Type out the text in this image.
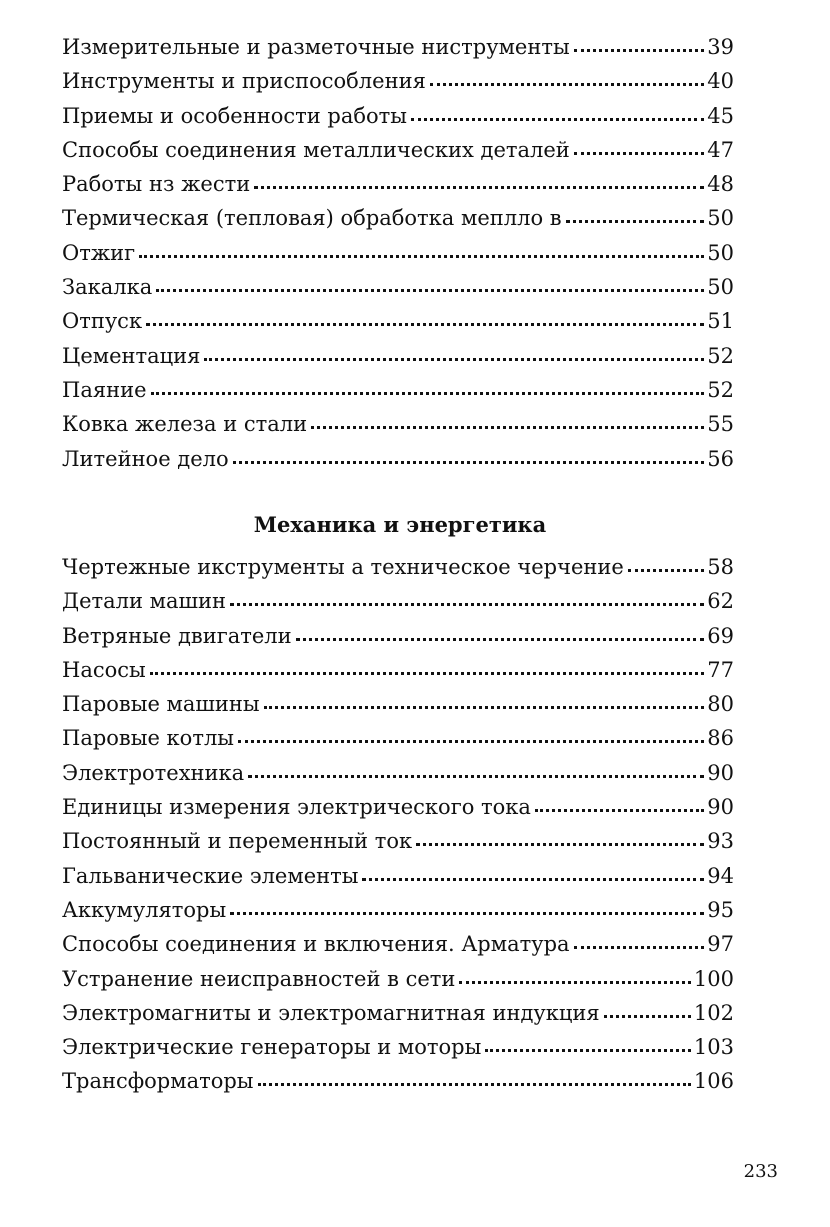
Измерительные и разметочные ниструменты	39
Инструменты и приспособления	40
Приемы и особенности работы	45
Способы соединения металлических деталей	47
Работы нз жести	48
Термическая (тепловая) обработка меплло в	50
Отжиг	50
Закалка	50
Отпуск	51
Цементация	52
Паяние	52
Ковка железа и стали	55
Литейное дело	56
Механика и энергетика
Чертежные икструменты а техническое черчение	58
Детали машин	62
Ветряные двигатели	69
Насосы	77
Паровые машины	80
Паровые котлы	86
Электротехника	90
Единицы измерения электрического тока	90
Постоянный и переменный ток	93
Гальванические элементы	94
Аккумуляторы	95
Способы соединения и включения. Арматура	97
Устранение неисправностей в сети	100
Электромагниты и электромагнитная индукция	102
Электрические генераторы и моторы	103
Трансформаторы	106
233
